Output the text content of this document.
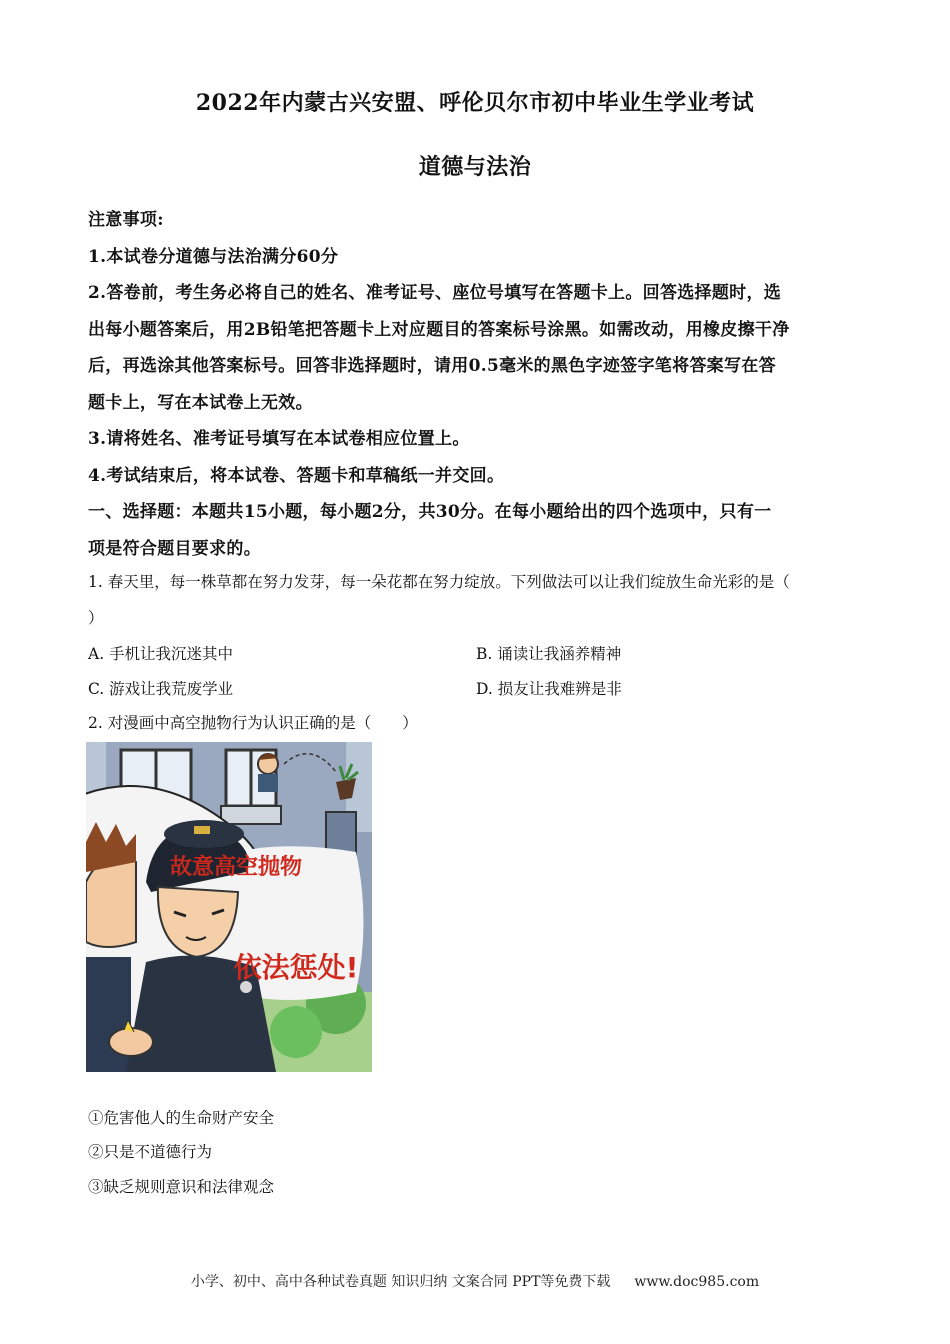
2022年内蒙古兴安盟、呼伦贝尔市初中毕业生学业考试
道德与法治
注意事项:
1.本试卷分道德与法治满分60分
2.答卷前，考生务必将自己的姓名、准考证号、座位号填写在答题卡上。回答选择题时，选
出每小题答案后，用2B铅笔把答题卡上对应题目的答案标号涂黑。如需改动，用橡皮擦干净
后，再选涂其他答案标号。回答非选择题时，请用0.5毫米的黑色字迹签字笔将答案写在答
题卡上，写在本试卷上无效。
3.请将姓名、准考证号填写在本试卷相应位置上。
4.考试结束后，将本试卷、答题卡和草稿纸一并交回。
一、选择题：本题共15小题，每小题2分，共30分。在每小题给出的四个选项中，只有一
项是符合题目要求的。
1. 春天里，每一株草都在努力发芽，每一朵花都在努力绽放。下列做法可以让我们绽放生命光彩的是（
）
A. 手机让我沉迷其中	B. 诵读让我涵养精神
C. 游戏让我荒废学业	D. 损友让我难辨是非
2. 对漫画中高空抛物行为认识正确的是（　　）
故意高空抛物
依法惩处!
①危害他人的生命财产安全
②只是不道德行为
③缺乏规则意识和法律观念
小学、初中、高中各种试卷真题 知识归纳 文案合同 PPT等免费下载 www.doc985.com
